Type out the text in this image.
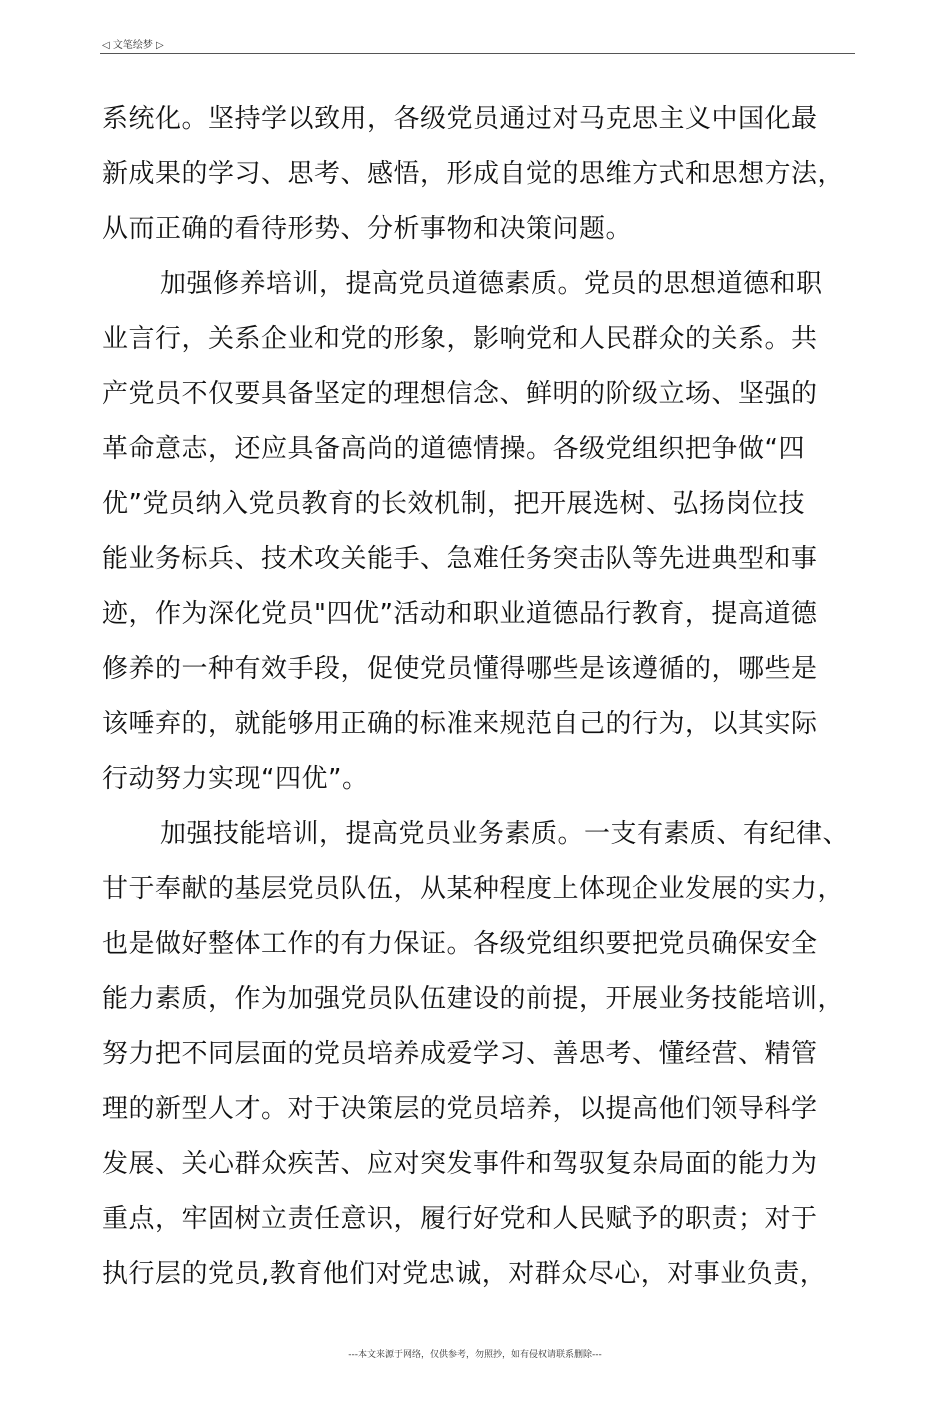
◁ 文笔绘梦 ▷
系统化。坚持学以致用，各级党员通过对马克思主义中国化最
新成果的学习、思考、感悟，形成自觉的思维方式和思想方法，
从而正确的看待形势、分析事物和决策问题。
加强修养培训，提高党员道德素质。党员的思想道德和职
业言行，关系企业和党的形象，影响党和人民群众的关系。共
产党员不仅要具备坚定的理想信念、鲜明的阶级立场、坚强的
革命意志，还应具备高尚的道德情操。各级党组织把争做“四
优”党员纳入党员教育的长效机制，把开展选树、弘扬岗位技
能业务标兵、技术攻关能手、急难任务突击队等先进典型和事
迹，作为深化党员"四优”活动和职业道德品行教育，提高道德
修养的一种有效手段，促使党员懂得哪些是该遵循的，哪些是
该唾弃的，就能够用正确的标准来规范自己的行为，以其实际
行动努力实现“四优”。
加强技能培训，提高党员业务素质。一支有素质、有纪律、
甘于奉献的基层党员队伍，从某种程度上体现企业发展的实力，
也是做好整体工作的有力保证。各级党组织要把党员确保安全
能力素质，作为加强党员队伍建设的前提，开展业务技能培训，
努力把不同层面的党员培养成爱学习、善思考、懂经营、精管
理的新型人才。对于决策层的党员培养，以提高他们领导科学
发展、关心群众疾苦、应对突发事件和驾驭复杂局面的能力为
重点，牢固树立责任意识，履行好党和人民赋予的职责；对于
执行层的党员,教育他们对党忠诚，对群众尽心，对事业负责，
---本文来源于网络，仅供参考，勿照抄，如有侵权请联系删除---
